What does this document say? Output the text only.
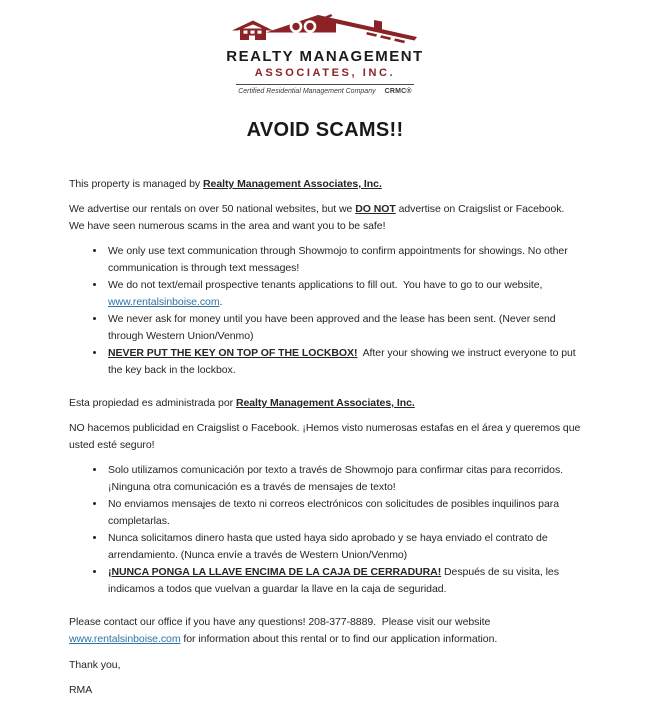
REALTY MANAGEMENT
ASSOCIATES, INC.
Certified Residential Management Company CRMC®
AVOID SCAMS!!

This property is managed by Realty Management Associates, Inc.

We advertise our rentals on over 50 national websites, but we DO NOT advertise on Craigslist or Facebook.  We have seen numerous scams in the area and want you to be safe!

• We only use text communication through Showmojo to confirm appointments for showings. No other communication is through text messages!
• We do not text/email prospective tenants applications to fill out.  You have to go to our website, www.rentalsinboise.com.
• We never ask for money until you have been approved and the lease has been sent. (Never send through Western Union/Venmo)
• NEVER PUT THE KEY ON TOP OF THE LOCKBOX!  After your showing we instruct everyone to put the key back in the lockbox.

Esta propiedad es administrada por Realty Management Associates, Inc.

NO hacemos publicidad en Craigslist o Facebook. ¡Hemos visto numerosas estafas en el área y queremos que usted esté seguro!

• Solo utilizamos comunicación por texto a través de Showmojo para confirmar citas para recorridos. ¡Ninguna otra comunicación es a través de mensajes de texto!
• No enviamos mensajes de texto ni correos electrónicos con solicitudes de posibles inquilinos para completarlas.
• Nunca solicitamos dinero hasta que usted haya sido aprobado y se haya enviado el contrato de arrendamiento. (Nunca envíe a través de Western Union/Venmo)
• ¡NUNCA PONGA LA LLAVE ENCIMA DE LA CAJA DE CERRADURA! Después de su visita, les indicamos a todos que vuelvan a guardar la llave en la caja de seguridad.

Please contact our office if you have any questions! 208-377-8889.  Please visit our website www.rentalsinboise.com for information about this rental or to find our application information.

Thank you,

RMA
